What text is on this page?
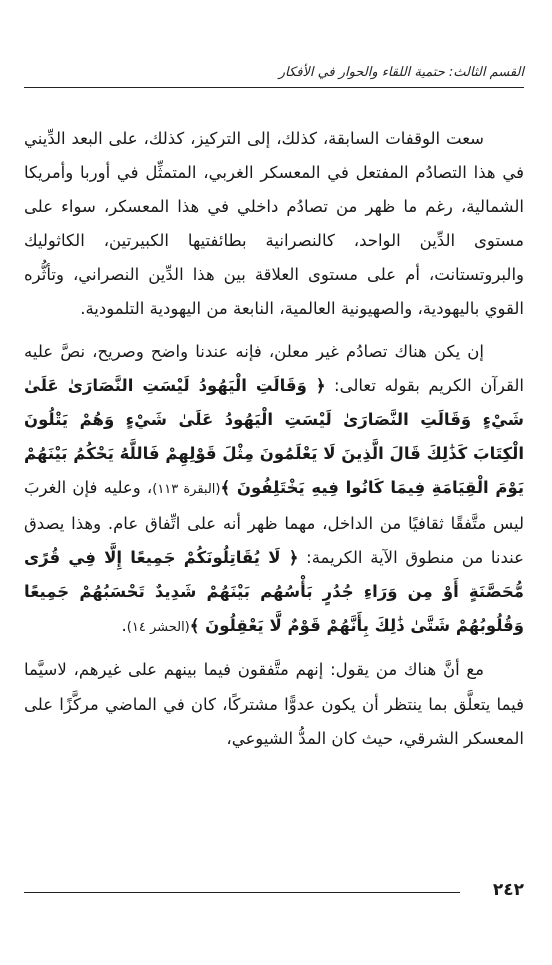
القسم الثالث: حتمية اللقاء والحوار في الأفكار

سعت الوقفات السابقة، كذلك، إلى التركيز، كذلك، على البعد الدِّيني في هذا التصادُم المفتعل في المعسكر الغربي، المتمثِّل في أوربا وأمريكا الشمالية، رغم ما ظهر من تصادُم داخلي في هذا المعسكر، سواء على مستوى الدِّين الواحد، كالنصرانية بطائفتيها الكبيرتين، الكاثوليك والبروتستانت، أم على مستوى العلاقة بين هذا الدِّين النصراني، وتأثُّره القوي باليهودية، والصهيونية العالمية، النابعة من اليهودية التلمودية.

إن يكن هناك تصادُم غير معلن، فإنه عندنا واضح وصريح، نصَّ عليه القرآن الكريم بقوله تعالى: ﴿ وَقَالَتِ الْيَهُودُ لَيْسَتِ النَّصَارَىٰ عَلَىٰ شَيْءٍ وَقَالَتِ النَّصَارَىٰ لَيْسَتِ الْيَهُودُ عَلَىٰ شَيْءٍ وَهُمْ يَتْلُونَ الْكِتَابَ كَذَٰلِكَ قَالَ الَّذِينَ لَا يَعْلَمُونَ مِثْلَ قَوْلِهِمْ فَاللَّهُ يَحْكُمُ بَيْنَهُمْ يَوْمَ الْقِيَامَةِ فِيمَا كَانُوا فِيهِ يَخْتَلِفُونَ ﴾(البقرة ١١٣)، وعليه فإن الغربَ ليس متَّفقًا ثقافيًا من الداخل، مهما ظهر أنه على اتِّفاق عام. وهذا يصدق عندنا من منطوق الآية الكريمة: ﴿ لَا يُقَاتِلُونَكُمْ جَمِيعًا إِلَّا فِي قُرًى مُّحَصَّنَةٍ أَوْ مِن وَرَاءِ جُدُرٍ بَأْسُهُم بَيْنَهُمْ شَدِيدٌ تَحْسَبُهُمْ جَمِيعًا وَقُلُوبُهُمْ شَتَّىٰ ذَٰلِكَ بِأَنَّهُمْ قَوْمٌ لَّا يَعْقِلُونَ ﴾(الحشر ١٤).

مع أنَّ هناك من يقول: إنهم متَّفقون فيما بينهم على غيرهم، لاسيَّما فيما يتعلَّق بما ينتظر أن يكون عدوًّا مشتركًا، كان في الماضي مركَّزًا على المعسكر الشرقي، حيث كان المدُّ الشيوعي،

٢٤٢
